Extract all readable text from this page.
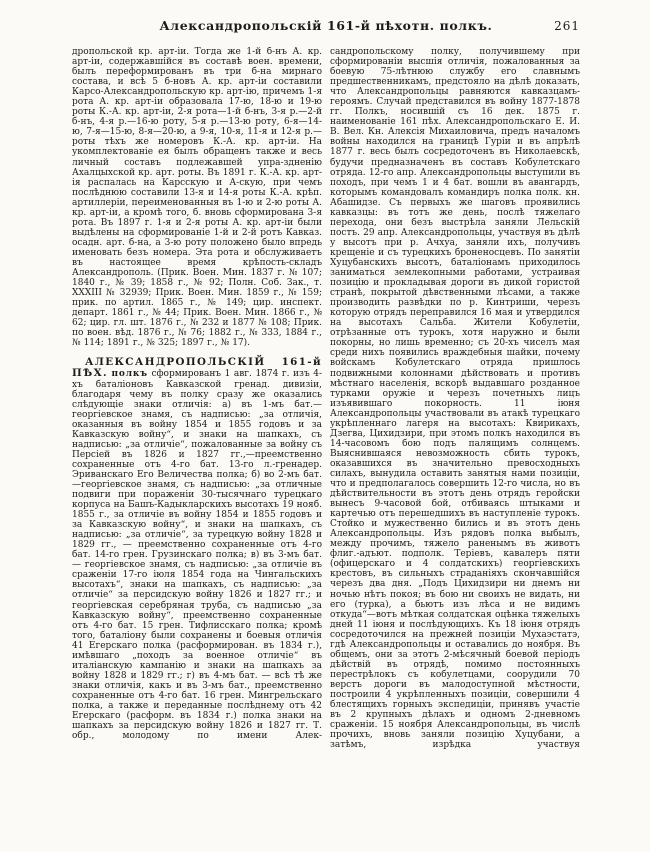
Александропольскій 161-й пѣхотн. полкъ.	261

дропольской кр. арт-іи. Тогда же 1-й б-нъ А. кр. арт-іи, содержавшійся въ составѣ воен. времени, былъ переформированъ въ три б-на мирнаго состава, и всѣ 5 б-новъ А. кр. арт-іи составили Карсо-Александропольскую кр. арт-ію, причемъ 1-я рота А. кр. арт-іи образовала 17-ю, 18-ю и 19-ю роты К.-А. кр. арт-іи, 2-я рота—1-й б-нъ, 3-я р.—2-й б-нъ, 4-я р.—16-ю роту, 5-я р.—13-ю роту, 6-я—14-ю, 7-я—15-ю, 8-я—20-ю, а 9-я, 10-я, 11-я и 12-я р.—роты тѣхъ же номеровъ К.-А. кр. арт-іи. На укомплектованіе ея былъ обращенъ также и весь личный составъ подлежавшей упра-здненію Ахалцыхской кр. арт. роты. Въ 1891 г. К.-А. кр. арт-ія распалась на Карсскую и А-скую, при чемъ послѣднюю составили 13-я и 14-я роты К.-А. крѣп. артиллеріи, переименованныя въ 1-ю и 2-ю роты А. кр. арт-іи, а кромѣ того, б. вновь сформирована 3-я рота. Въ 1897 г. 1-я и 2-я роты А. кр. арт-іи были выдѣлены на сформированіе 1-й и 2-й ротъ Кавказ. осадн. арт. б-на, а 3-ю роту положено было впредь именовать безъ номера. Эта рота и обслуживаетъ въ настоящее время крѣпость-складъ Александрополь. (Прик. Воен. Мин. 1837 г. № 107; 1840 г., № 39; 1858 г., № 92; Полн. Соб. Зак., т. XXXIII № 32939; Прик. Воен. Мин. 1859 г., № 159; прик. по артил. 1865 г., № 149; цир. инспект. департ. 1861 г., № 44; Прик. Воен. Мин. 1866 г., № 62; цир. гл. шт. 1876 г., № 232 и 1877 № 108; Прик. по воен. вѣд. 1876 г., № 76; 1882 г., № 333, 1884 г., № 114; 1891 г., № 325; 1897 г., № 17).

АЛЕКСАНДРОПОЛЬСКІЙ 161-й ПѢХ. полкъ сформированъ 1 авг. 1874 г. изъ 4-хъ баталіоновъ Кавказской гренад. дивизіи, благодаря чему въ полку сразу же оказались слѣдующіе знаки отличія: а) въ 1-мъ бат.—георгіевское знамя, съ надписью: „за отличія, оказанныя въ войну 1854 и 1855 годовъ и за Кавказскую войну“, и знаки на шапкахъ, съ надписью: „за отличіе“, пожалованные за войну съ Персіей въ 1826 и 1827 гг.,—преемственно сохраненные отъ 4-го бат. 13-го л.-гренадер. Эриванскаго Его Величества полка; б) во 2-мъ бат.—георгіевское знамя, съ надписью: „за отличные подвиги при пораженіи 30-тысячнаго турецкаго корпуса на Башъ-Кадыкларскихъ высотахъ 19 нояб. 1855 г., за отличіе въ войну 1854 и 1855 годовъ и за Кавказскую войну“, и знаки на шапкахъ, съ надписью: „за отличіе“, за турецкую войну 1828 и 1829 гг., — преемственно сохраненные отъ 4-го бат. 14-го грен. Грузинскаго полка; в) въ 3-мъ бат. — георгіевское знамя, съ надписью: „за отличіе въ сраженіи 17-го іюля 1854 года на Чингальскихъ высотахъ“, знаки на шапкахъ, съ надписью: „за отличіе“ за персидскую войну 1826 и 1827 гг.; и георгіевская серебряная труба, съ надписью „за Кавказскую войну“, преемственно сохраненные отъ 4-го бат. 15 грен. Тифлисскаго полка; кромѣ того, баталіону были сохранены и боевыя отличія 41 Егерскаго полка (расформирован. въ 1834 г.), имѣвшаго „походъ за военное отличіе“ въ италіанскую кампанію и знаки на шапкахъ за войну 1828 и 1829 гг.; г) въ 4-мъ бат. — всѣ тѣ же знаки отличія, какъ и въ 3-мъ бат., преемственно сохраненные отъ 4-го бат. 16 грен. Мингрельскаго полка, а также и переданные послѣднему отъ 42 Егерскаго (расформ. въ 1834 г.) полка знаки на шапкахъ за персидскую войну 1826 и 1827 гг. Т. обр., молодому по имени Алек-

сандропольскому полку, получившему при сформированіи высшія отличія, пожалованныя за боевую 75-лѣтнюю службу его славнымъ предшественникамъ, предстояло на дѣлѣ доказать, что Александропольцы равняются кавказцамъ-героямъ. Случай представился въ войну 1877-1878 гг. Полкъ, носившій съ 16 дек. 1875 г. наименованіе 161 пѣх. Александропольскаго Е. И. В. Вел. Кн. Алексія Михаиловича, предъ началомъ войны находился на границѣ Гуріи и въ апрѣлѣ 1877 г. весь былъ сосредоточенъ въ Николаевскѣ, будучи предназначенъ въ составъ Кобулетскаго отряда. 12-го апр. Александропольцы выступили въ походъ, при чемъ 1 и 4 бат. вошли въ авангардъ, которымъ командовалъ командиръ полка полк. кн. Абашидзе. Съ первыхъ же шаговъ проявились кавказцы: въ тотъ же день, послѣ тяжелаго перехода, они безъ выстрѣла заняли Лельскій постъ. 29 апр. Александропольцы, участвуя въ дѣлѣ у высотъ при р. Ачхуа, заняли ихъ, получивъ крещеніе и съ турецкихъ броненосцевъ. По занятіи Хуцубанскихъ высотъ, баталіонамъ приходилось заниматься землекопными работами, устраивая позицію и прокладывая дороги въ дикой гористой странѣ, покрытой дѣвственными лѣсами, а также производить развѣдки по р. Кинтриши, черезъ которую отрядъ переправился 16 мая и утвердился на высотахъ Сальба. Жители Кобулетіи, отрѣзанные отъ турокъ, хотя наружно и были покорны, но лишь временно; съ 20-хъ чиселъ мая среди нихъ появились враждебныя шайки, почему войскамъ Кобулетскаго отряда пришлось подвижными колоннами дѣйствовать и противъ мѣстнаго населенія, вскорѣ выдавшаго розданное турками оружіе и черезъ почетныхъ лицъ изъявившаго покорность. 11 іюня Александропольцы участвовали въ атакѣ турецкаго укрѣпленнаго лагеря на высотахъ: Квирикахъ, Дзегва, Цихидзири, при этомъ полкъ находился въ 14-часовомъ бою подъ палящимъ солнцемъ. Выяснившаяся невозможность сбить турокъ, оказавшихся въ значительно превосходныхъ силахъ, вынудила оставить занятыя нами позиціи, что и предполагалось совершить 12-го числа, но въ дѣйствительности въ этотъ день отрядъ геройски вынесъ 9-часовой бой, отбиваясь штыками и картечью отъ перешедшихъ въ наступленіе турокъ. Стойко и мужественно бились и въ этотъ день Александропольцы. Изъ рядовъ полка выбылъ, между прочимъ, тяжело раненымъ въ животъ флиг.-адъют. подполк. Теріевъ, кавалеръ пяти (офицерскаго и 4 солдатскихъ) георгіевскихъ крестовъ, въ сильныхъ страданіяхъ скончавшійся черезъ два дня. „Подъ Цихидзири ни днемъ ни ночью нѣтъ покоя; въ бою ни своихъ не видать, ни его (турка), а бьютъ изъ лѣса и не видимъ откуда“—вотъ мѣткая солдатская оцѣнка тяжелыхъ дней 11 іюня и послѣдующихъ. Къ 18 іюня отрядъ сосредоточился на прежней позиціи Мухаэстатэ, гдѣ Александропольцы и оставались до ноября. Въ общемъ, они за этотъ 2-мѣсячный боевой періодъ дѣйствій въ отрядѣ, помимо постоянныхъ перестрѣлокъ съ кобулетцами, соорудили 70 верстъ дороги въ малодоступной мѣстности, построили 4 укрѣпленныхъ позиціи, совершили 4 блестящихъ горныхъ экспедиціи, принявъ участіе въ 2 крупныхъ дѣлахъ и одномъ 2-дневномъ сраженіи. 15 ноября Александропольцы, въ числѣ прочихъ, вновь заняли позицію Хуцубани, а затѣмъ, изрѣдка участвуя
